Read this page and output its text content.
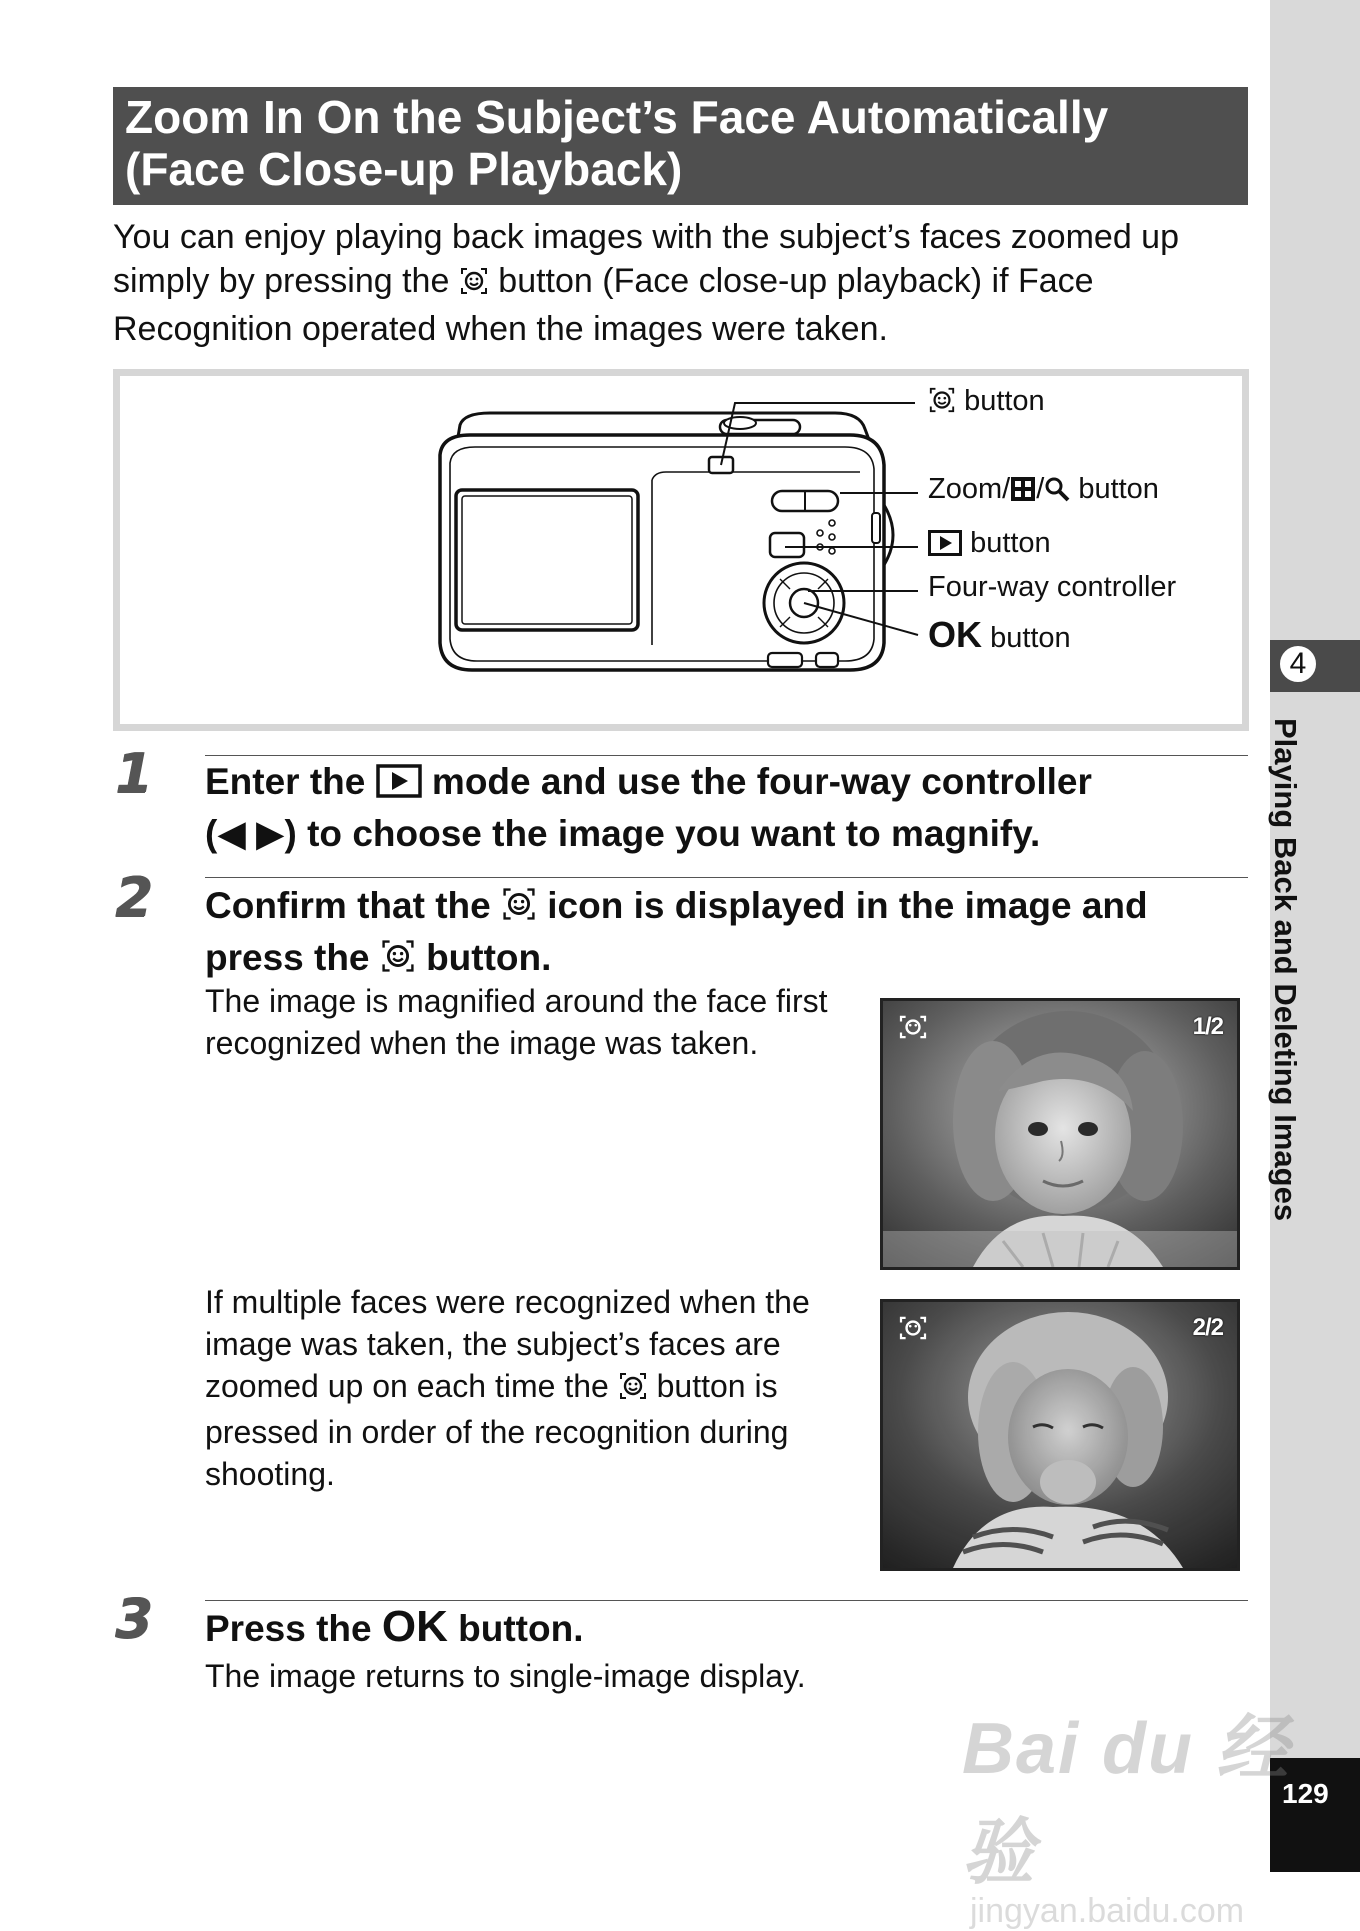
4
Playing Back and Deleting Images
129
Zoom In On the Subject’s Face Automatically
(Face Close-up Playback)
You can enjoy playing back images with the subject’s faces zoomed up simply by pressing the button (Face close-up playback) if Face Recognition operated when the images were taken.
button
Zoom/ / button
button
Four-way controller
OK button
1 Enter the mode and use the four-way controller
(◀ ▶) to choose the image you want to magnify.
2 Confirm that the icon is displayed in the image and
press the button.
The image is magnified around the face first
recognized when the image was taken.
If multiple faces were recognized when the
image was taken, the subject’s faces are
zoomed up on each time the button is
pressed in order of the recognition during
shooting.
1/2
2/2
3 Press the OK button.
The image returns to single-image display.
Bai du 经验
jingyan.baidu.com
